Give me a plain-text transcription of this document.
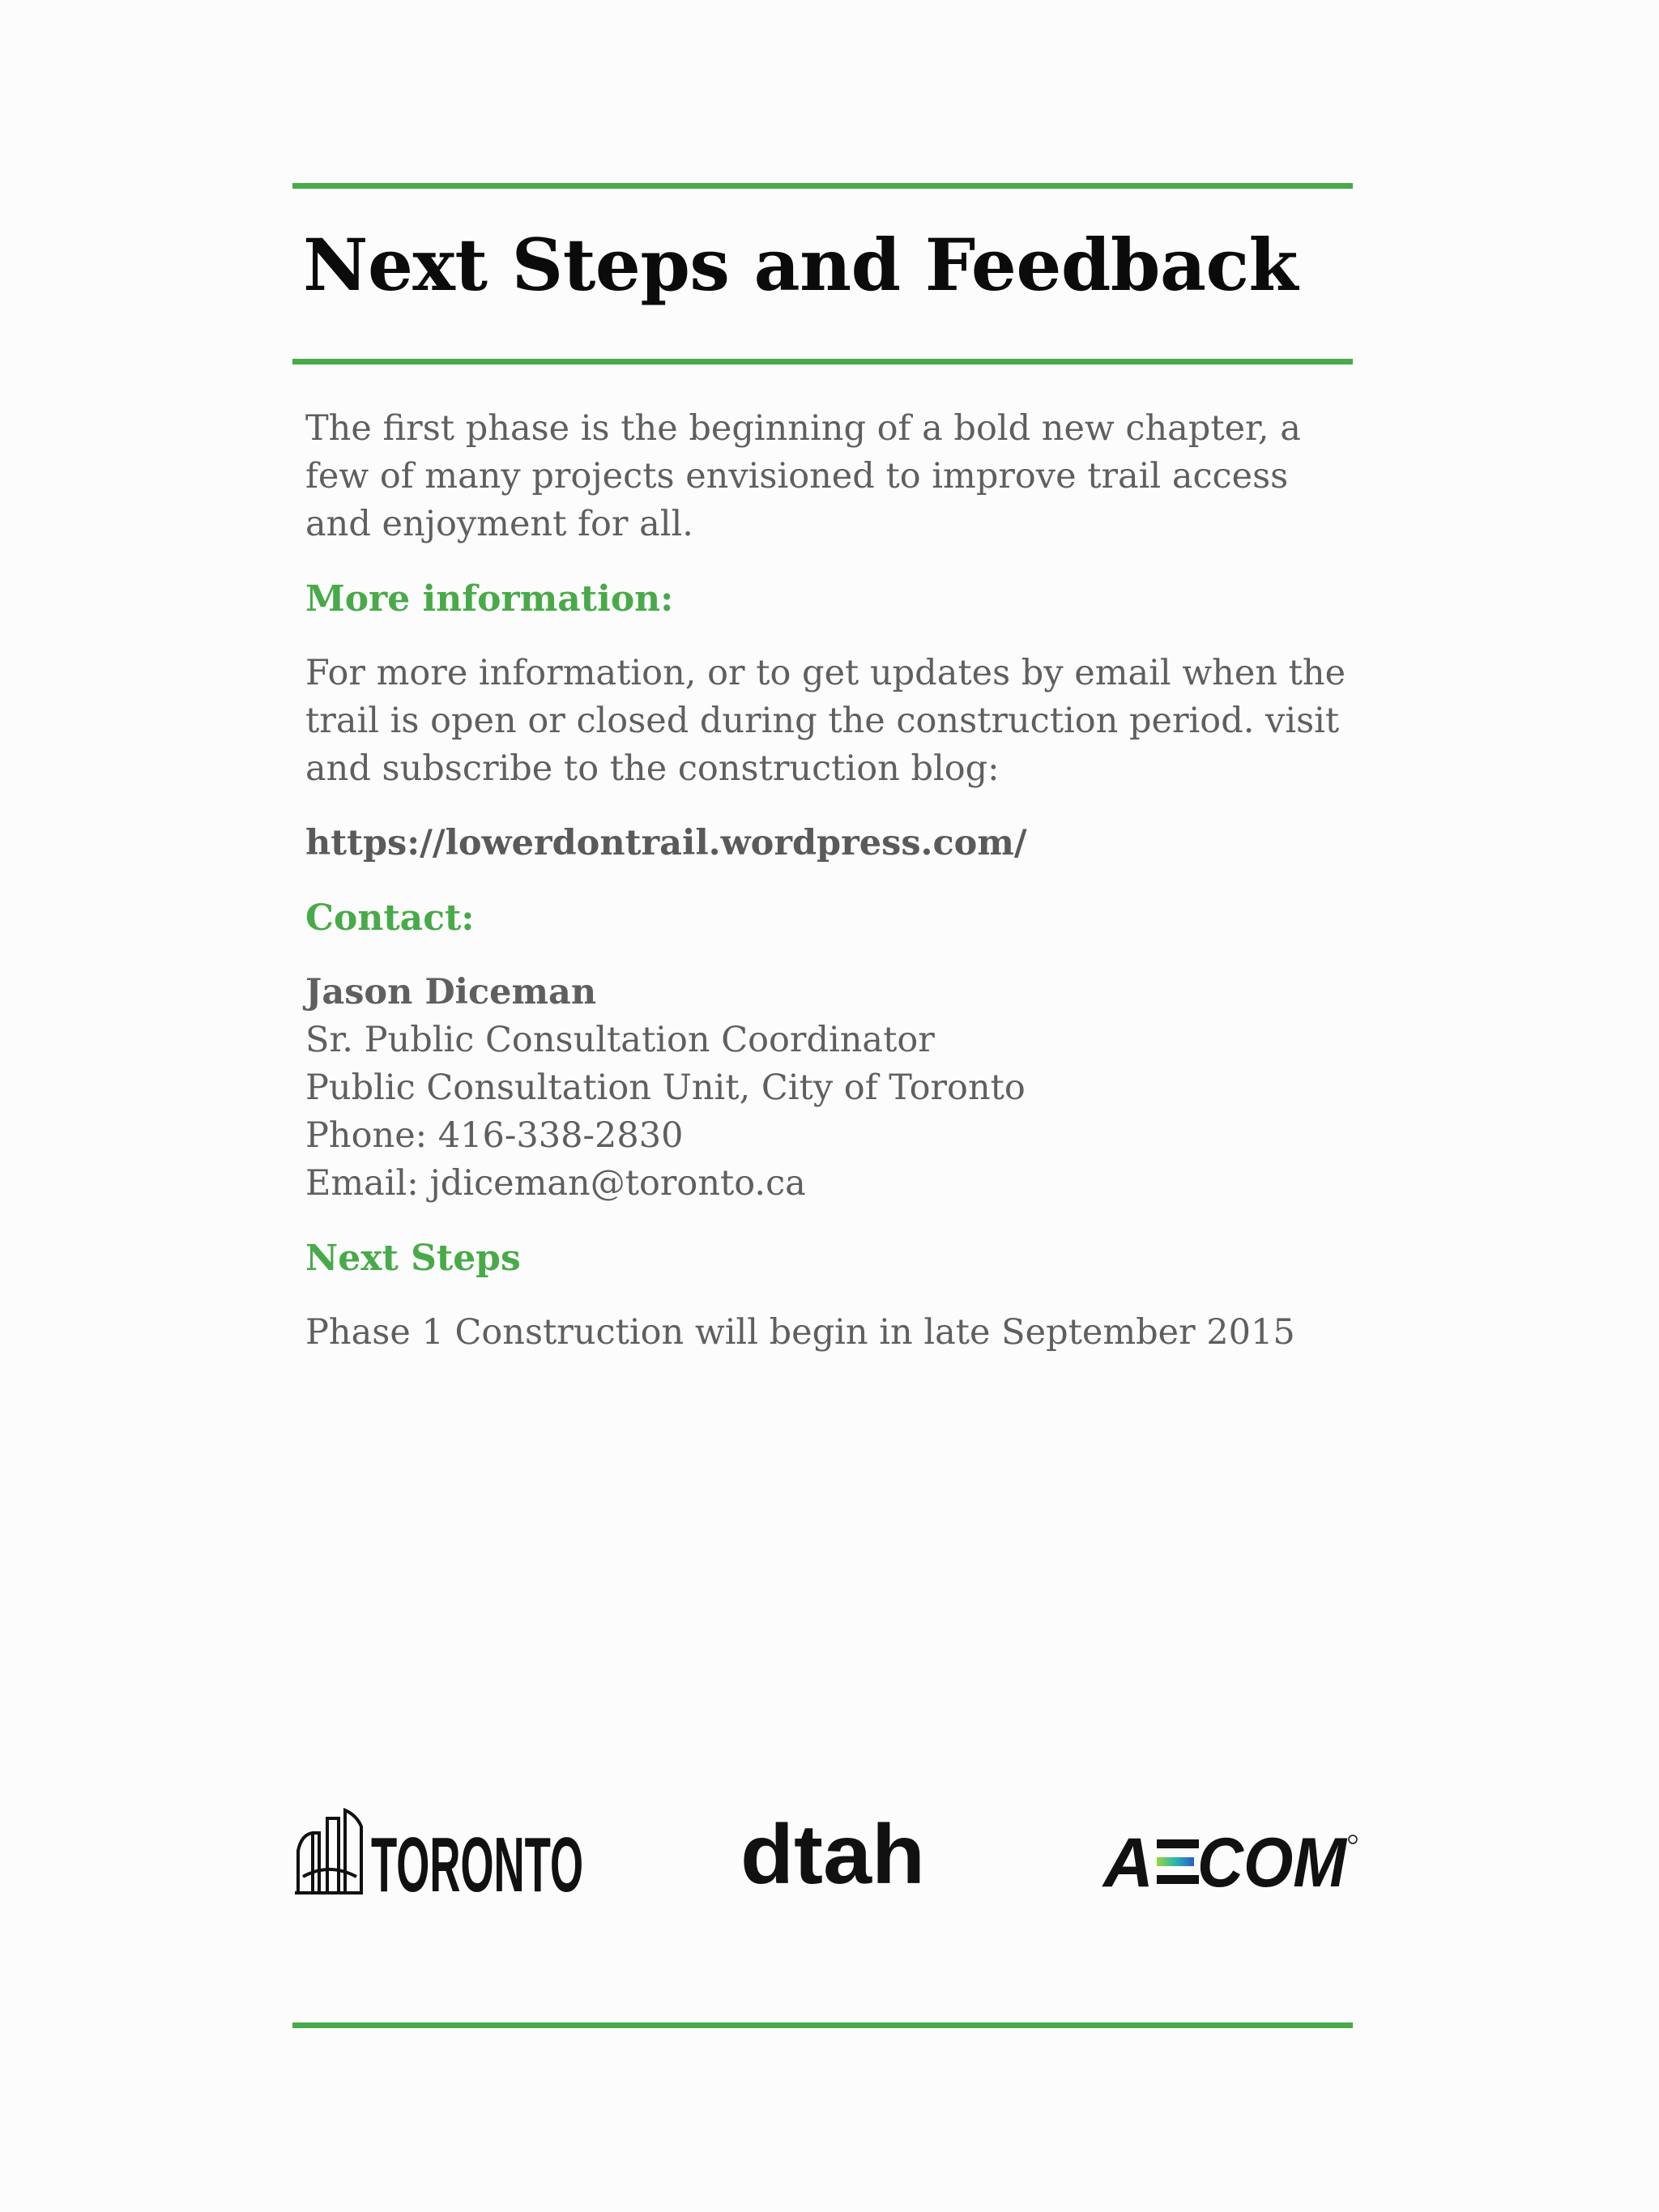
Next Steps and Feedback

The first phase is the beginning of a bold new chapter, a few of many projects envisioned to improve trail access and enjoyment for all.

More information:

For more information, or to get updates by email when the trail is open or closed during the construction period. visit and subscribe to the construction blog:

https://lowerdontrail.wordpress.com/

Contact:

Jason Diceman
Sr. Public Consultation Coordinator
Public Consultation Unit, City of Toronto
Phone: 416-338-2830
Email: jdiceman@toronto.ca

Next Steps

Phase 1 Construction will begin in late September 2015

TORONTO dtah	A COM
